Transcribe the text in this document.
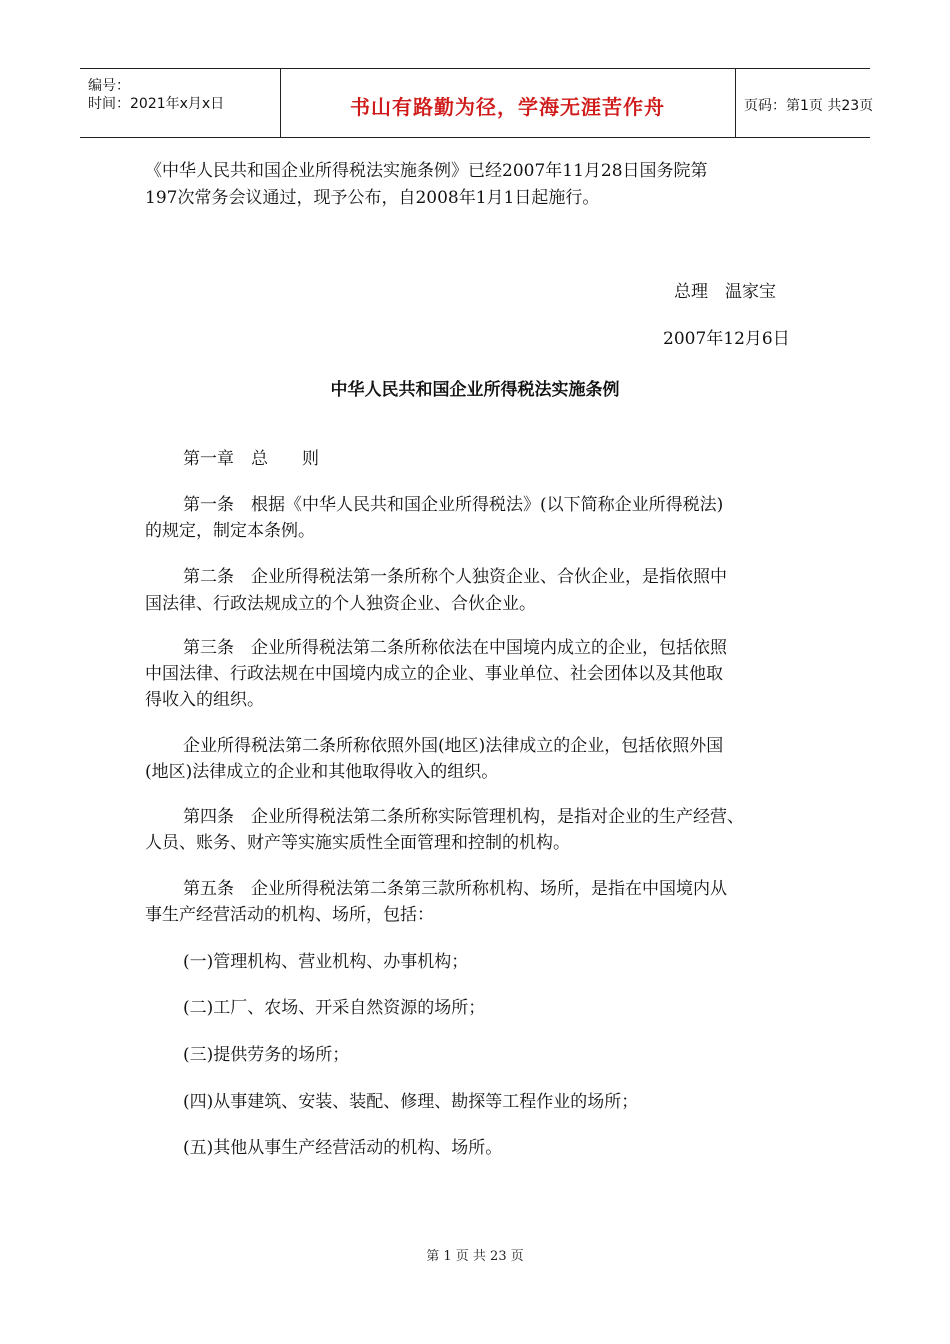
编号：
时间：2021年x月x日	书山有路勤为径，学海无涯苦作舟	页码：第1页 共23页
《中华人民共和国企业所得税法实施条例》已经2007年11月28日国务院第
197次常务会议通过，现予公布，自2008年1月1日起施行。
总理　温家宝
2007年12月6日
中华人民共和国企业所得税法实施条例
第一章　总　　则
第一条　根据《中华人民共和国企业所得税法》(以下简称企业所得税法)
的规定，制定本条例。
第二条　企业所得税法第一条所称个人独资企业、合伙企业，是指依照中
国法律、行政法规成立的个人独资企业、合伙企业。
第三条　企业所得税法第二条所称依法在中国境内成立的企业，包括依照
中国法律、行政法规在中国境内成立的企业、事业单位、社会团体以及其他取
得收入的组织。
企业所得税法第二条所称依照外国(地区)法律成立的企业，包括依照外国
(地区)法律成立的企业和其他取得收入的组织。
第四条　企业所得税法第二条所称实际管理机构，是指对企业的生产经营、
人员、账务、财产等实施实质性全面管理和控制的机构。
第五条　企业所得税法第二条第三款所称机构、场所，是指在中国境内从
事生产经营活动的机构、场所，包括：
(一)管理机构、营业机构、办事机构；
(二)工厂、农场、开采自然资源的场所；
(三)提供劳务的场所；
(四)从事建筑、安装、装配、修理、勘探等工程作业的场所；
(五)其他从事生产经营活动的机构、场所。
第 1 页 共 23 页
